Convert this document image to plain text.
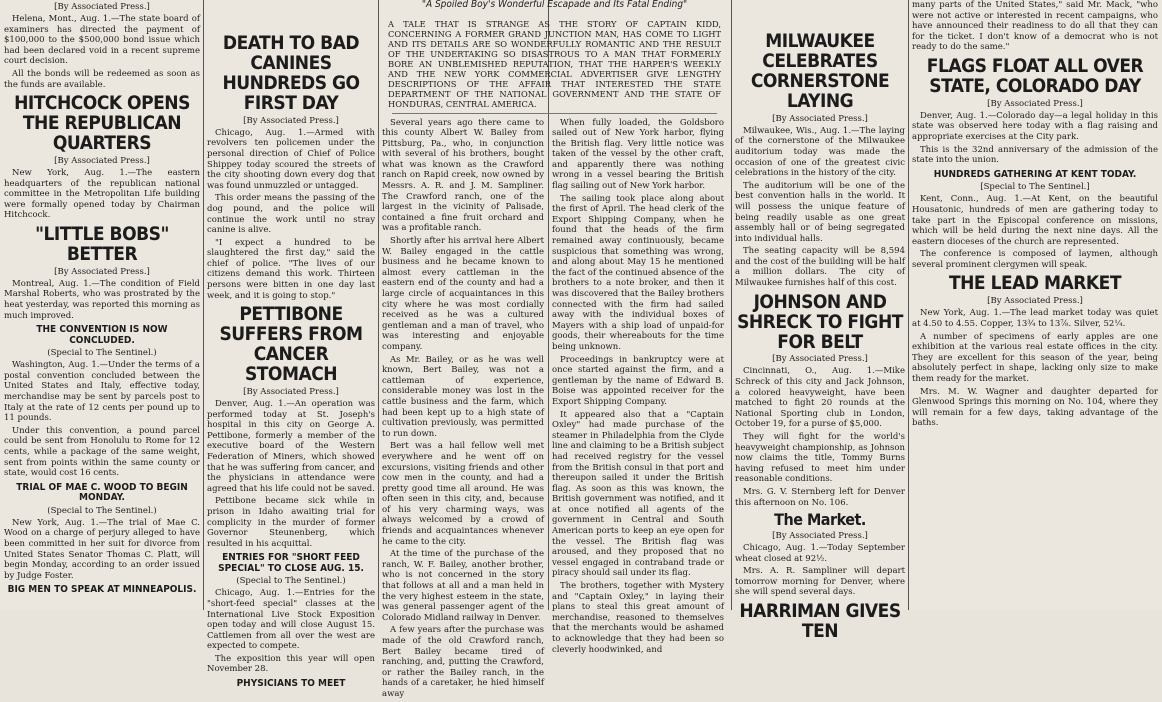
[By Associated Press.]

Helena, Mont., Aug. 1.—The state board of examiners has directed the payment of $100,000 to the $500,000 bond issue which had been declared void in a recent supreme court decision.

All the bonds will be redeemed as soon as the funds are available.

HITCHCOCK OPENS THE REPUBLICAN QUARTERS
[By Associated Press.]

New York, Aug. 1.—The eastern headquarters of the republican national committee in the Metropolitan Life building were formally opened today by Chairman Hitchcock.

"LITTLE BOBS" BETTER
[By Associated Press.]

Montreal, Aug. 1.—The condition of Field Marshal Roberts, who was prostrated by the heat yesterday, was reported this morning as much improved.

THE CONVENTION IS NOW CONCLUDED.
(Special to The Sentinel.)

Washington, Aug. 1.—Under the terms of a postal convention concluded between the United States and Italy, effective today, merchandise may be sent by parcels post to Italy at the rate of 12 cents per pound up to 11 pounds.

Under this convention, a pound parcel could be sent from Honolulu to Rome for 12 cents, while a package of the same weight, sent from points within the same county or state, would cost 16 cents.

TRIAL OF MAE C. WOOD TO BEGIN MONDAY.
(Special to The Sentinel.)

New York, Aug. 1.—The trial of Mae C. Wood on a charge of perjury alleged to have been committed in her suit for divorce from United States Senator Thomas C. Platt, will begin Monday, according to an order issued by Judge Foster.

BIG MEN TO SPEAK AT MINNEAPOLIS.
DEATH TO BAD CANINES HUNDREDS GO FIRST DAY
[By Associated Press.]

Chicago, Aug. 1.—Armed with revolvers ten policemen under the personal direction of Chief of Police Shippey today scoured the streets of the city shooting down every dog that was found unmuzzled or untagged.

This order means the passing of the dog pound, and the police will continue the work until no stray canine is alive.

"I expect a hundred to be slaughtered the first day," said the chief of police. "The lives of our citizens demand this work. Thirteen persons were bitten in one day last week, and it is going to stop."

PETTIBONE SUFFERS FROM CANCER STOMACH
[By Associated Press.]

Denver, Aug. 1.—An operation was performed today at St. Joseph's hospital in this city on George A. Pettibone, formerly a member of the executive board of the Western Federation of Miners, which showed that he was suffering from cancer, and the physicians in attendance were agreed that his life could not be saved.

Pettibone became sick while in prison in Idaho awaiting trial for complicity in the murder of former Governor Steunenberg, which resulted in his acquittal.

ENTRIES FOR "SHORT FEED SPECIAL" TO CLOSE AUG. 15.
(Special to The Sentinel.)

Chicago, Aug. 1.—Entries for the "short-feed special" classes at the International Live Stock Exposition open today and will close August 15. Cattlemen from all over the west are expected to compete.

The exposition this year will open November 28.

PHYSICIANS TO MEET
"A Spoiled Boy's Wonderful Escapade and Its Fatal Ending"

A TALE THAT IS STRANGE AS THE STORY OF CAPTAIN KIDD, CONCERNING A FORMER GRAND JUNCTION MAN, HAS COME TO LIGHT AND ITS DETAILS ARE SO WONDERFULLY ROMANTIC AND THE RESULT OF THE UNDERTAKING SO DISASTROUS TO A MAN THAT FORMERLY BORE AN UNBLEMISHED REPUTATION, THAT THE HARPER'S WEEKLY AND THE NEW YORK COMMERCIAL ADVERTISER GIVE LENGTHY DESCRIPTIONS OF THE AFFAIR THAT INTERESTED THE STATE DEPARTMENT OF THE NATIONAL GOVERNMENT AND THE STATE OF HONDURAS, CENTRAL AMERICA.

Several years ago there came to this county Albert W. Bailey from Pittsburg, Pa., who, in conjunction with several of his brothers, bought what was known as the Crawford ranch on Rapid creek, now owned by Messrs. A. R. and J. M. Sampliner. The Crawford ranch, one of the largest in the vicinity of Palisade, contained a fine fruit orchard and was a profitable ranch.

Shortly after his arrival here Albert W. Bailey engaged in the cattle business and he became known to almost every cattleman in the eastern end of the county and had a large circle of acquaintances in this city where he was most cordially received as he was a cultured gentleman and a man of travel, who was interesting and enjoyable company.

As Mr. Bailey, or as he was well known, Bert Bailey, was not a cattleman of experience, considerable money was lost in the cattle business and the farm, which had been kept up to a high state of cultivation previously, was permitted to run down.

Bert was a hail fellow well met everywhere and he went off on excursions, visiting friends and other cow men in the county, and had a pretty good time all around. He was often seen in this city, and, because of his very charming ways, was always welcomed by a crowd of friends and acquaintances whenever he came to the city.

At the time of the purchase of the ranch, W. F. Bailey, another brother, who is not concerned in the story that follows at all and a man held in the very highest esteem in the state, was general passenger agent of the Colorado Midland railway in Denver.

A few years after the purchase was made of the old Crawford ranch, Bert Bailey became tired of ranching, and, putting the Crawford, or rather the Bailey ranch, in the hands of a caretaker, he hied himself away

When fully loaded, the Goldsboro sailed out of New York harbor, flying the British flag. Very little notice was taken of the vessel by the other craft, and apparently there was nothing wrong in a vessel bearing the British flag sailing out of New York harbor.

The sailing took place along about the first of April. The head clerk of the Export Shipping Company, when he found that the heads of the firm remained away continuously, became suspicious that something was wrong, and along about May 15 he mentioned the fact of the continued absence of the brothers to a note broker, and then it was discovered that the Bailey brothers connected with the firm had sailed away with the individual boxes of Mayers with a ship load of unpaid-for goods, their whereabouts for the time being unknown.

Proceedings in bankruptcy were at once started against the firm, and a gentleman by the name of Edward B. Boise was appointed receiver for the Export Shipping Company.

It appeared also that a "Captain Oxley" had made purchase of the steamer in Philadelphia from the Clyde line and claiming to be a British subject had received registry for the vessel from the British consul in that port and thereupon sailed it under the British flag. As soon as this was known, the British government was notified, and it at once notified all agents of the government in Central and South American ports to keep an eye open for the vessel. The British flag was aroused, and they proposed that no vessel engaged in contraband trade or piracy should sail under its flag.

The brothers, together with Mystery and "Captain Oxley," in laying their plans to steal this great amount of merchandise, reasoned to themselves that the merchants would be ashamed to acknowledge that they had been so cleverly hoodwinked, and

MILWAUKEE CELEBRATES CORNERSTONE LAYING
[By Associated Press.]

Milwaukee, Wis., Aug. 1.—The laying of the cornerstone of the Milwaukee auditorium today was made the occasion of one of the greatest civic celebrations in the history of the city.

The auditorium will be one of the best convention halls in the world. It will possess the unique feature of being readily usable as one great assembly hall or of being segregated into individual halls.

The seating capacity will be 8,594 and the cost of the building will be half a million dollars. The city of Milwaukee furnishes half of this cost.

JOHNSON AND SHRECK TO FIGHT FOR BELT
[By Associated Press.]

Cincinnati, O., Aug. 1.—Mike Schreck of this city and Jack Johnson, a colored heavyweight, have been matched to fight 20 rounds at the National Sporting club in London, October 19, for a purse of $5,000.

They will fight for the world's heavyweight championship, as Johnson now claims the title, Tommy Burns having refused to meet him under reasonable conditions.

Mrs. G. V. Sternberg left for Denver this afternoon on No. 106.

The Market.
[By Associated Press.]

Chicago, Aug. 1.—Today September wheat closed at 92½.

Mrs. A. R. Sampliner will depart tomorrow morning for Denver, where she will spend several days.

HARRIMAN GIVES TEN

many parts of the United States," said Mr. Mack, "who were not active or interested in recent campaigns, who have announced their readiness to do all that they can for the ticket. I don't know of a democrat who is not ready to do the same."

FLAGS FLOAT ALL OVER STATE, COLORADO DAY
[By Associated Press.]

Denver, Aug. 1.—Colorado day—a legal holiday in this state was observed here today with a flag raising and appropriate exercises at the City park.

This is the 32nd anniversary of the admission of the state into the union.

HUNDREDS GATHERING AT KENT TODAY.
[Special to The Sentinel.]

Kent, Conn., Aug. 1.—At Kent, on the beautiful Housatonic, hundreds of men are gathering today to take part in the Episcopal conference on missions, which will be held during the next nine days. All the eastern dioceses of the church are represented.

The conference is composed of laymen, although several prominent clergymen will speak.

THE LEAD MARKET
[By Associated Press.]

New York, Aug. 1.—The lead market today was quiet at 4.50 to 4.55. Copper, 13¾ to 13⅞. Silver, 52¼.

A number of specimens of early apples are one exhibition at the various real estate offices in the city. They are excellent for this season of the year, being absolutely perfect in shape, lacking only size to make them ready for the market.

Mrs. M. W. Wagner and daughter departed for Glenwood Springs this morning on No. 104, where they will remain for a few days, taking advantage of the baths.
